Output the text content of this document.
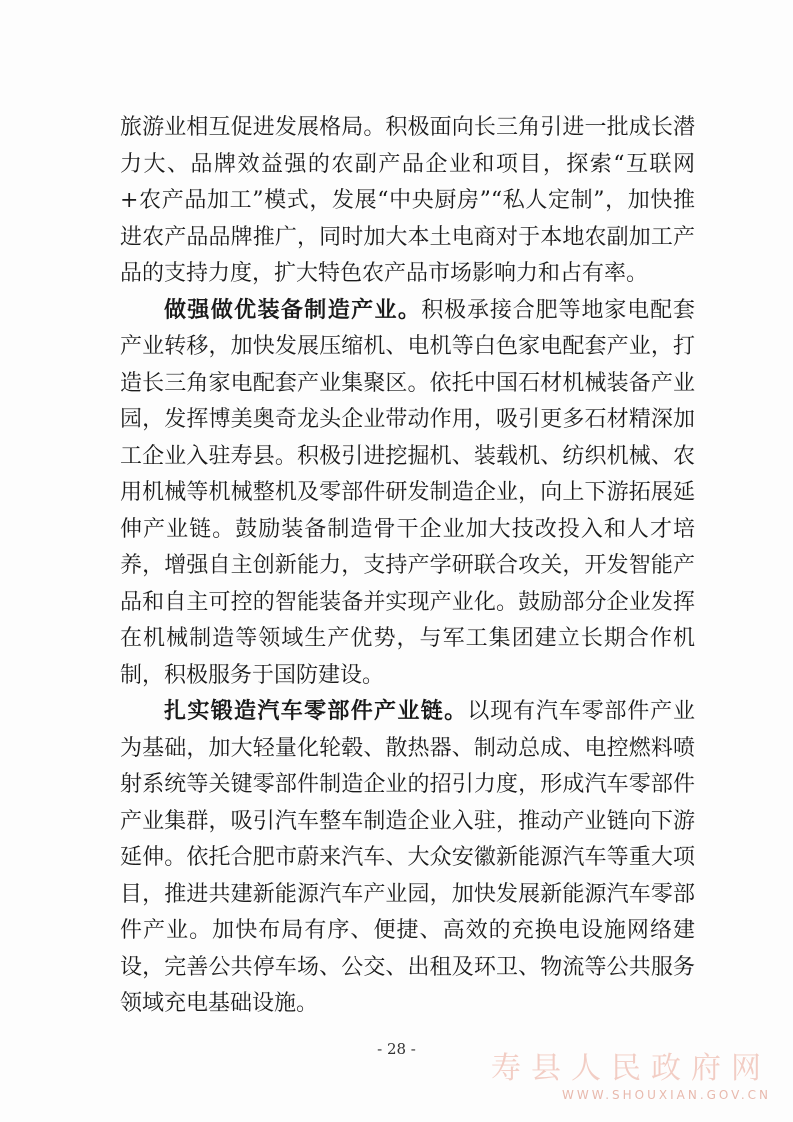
旅游业相互促进发展格局。积极面向长三角引进一批成长潜力大、品牌效益强的农副产品企业和项目，探索“互联网+农产品加工”模式，发展“中央厨房”“私人定制”，加快推进农产品品牌推广，同时加大本土电商对于本地农副加工产品的支持力度，扩大特色农产品市场影响力和占有率。

做强做优装备制造产业。积极承接合肥等地家电配套产业转移，加快发展压缩机、电机等白色家电配套产业，打造长三角家电配套产业集聚区。依托中国石材机械装备产业园，发挥博美奥奇龙头企业带动作用，吸引更多石材精深加工企业入驻寿县。积极引进挖掘机、装载机、纺织机械、农用机械等机械整机及零部件研发制造企业，向上下游拓展延伸产业链。鼓励装备制造骨干企业加大技改投入和人才培养，增强自主创新能力，支持产学研联合攻关，开发智能产品和自主可控的智能装备并实现产业化。鼓励部分企业发挥在机械制造等领域生产优势，与军工集团建立长期合作机制，积极服务于国防建设。

扎实锻造汽车零部件产业链。以现有汽车零部件产业为基础，加大轻量化轮毂、散热器、制动总成、电控燃料喷射系统等关键零部件制造企业的招引力度，形成汽车零部件产业集群，吸引汽车整车制造企业入驻，推动产业链向下游延伸。依托合肥市蔚来汽车、大众安徽新能源汽车等重大项目，推进共建新能源汽车产业园，加快发展新能源汽车零部件产业。加快布局有序、便捷、高效的充换电设施网络建设，完善公共停车场、公交、出租及环卫、物流等公共服务领域充电基础设施。

- 28 -
寿县人民政府网
WWW.SHOUXIAN.GOV.CN
